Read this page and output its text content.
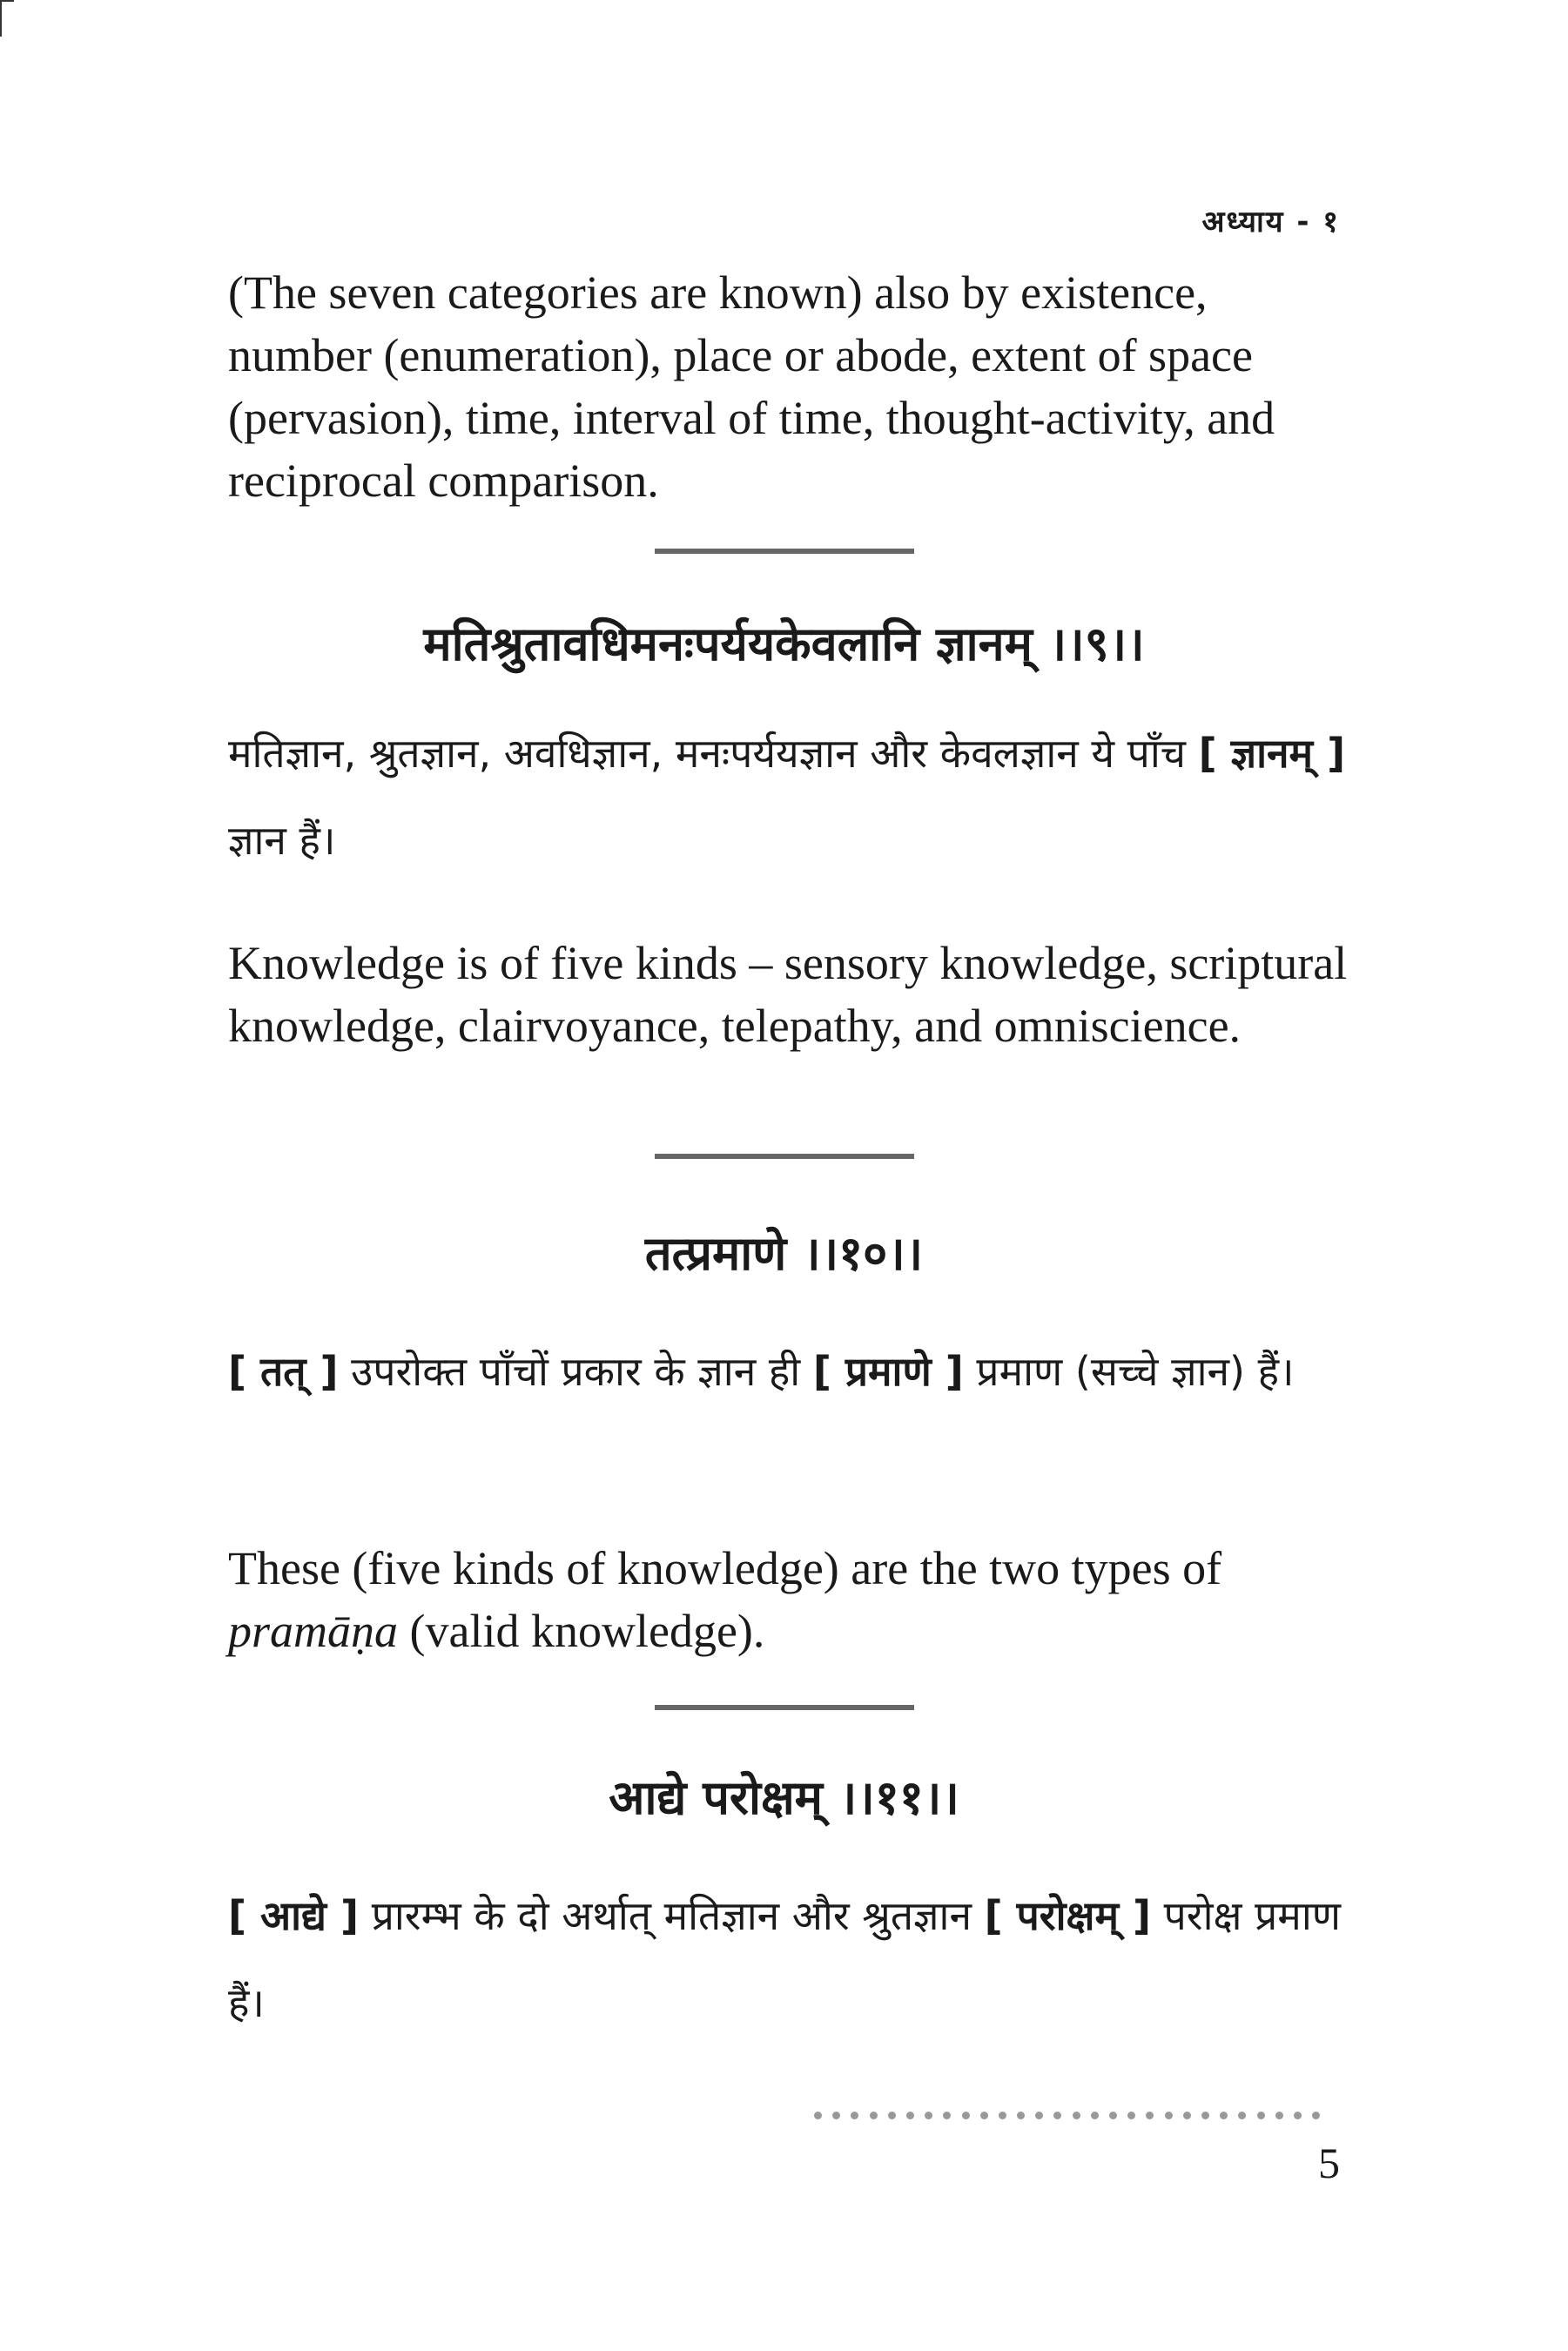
अध्याय - १

(The seven categories are known) also by existence, number (enumeration), place or abode, extent of space (pervasion), time, interval of time, thought-activity, and reciprocal comparison.

मतिश्रुतावधिमनःपर्ययकेवलानि ज्ञानम् ।।९।।

मतिज्ञान, श्रुतज्ञान, अवधिज्ञान, मनःपर्ययज्ञान और केवलज्ञान ये पाँच [ ज्ञानम् ] ज्ञान हैं।

Knowledge is of five kinds – sensory knowledge, scriptural knowledge, clairvoyance, telepathy, and omniscience.

तत्प्रमाणे ।।१०।।

[ तत् ] उपरोक्त पाँचों प्रकार के ज्ञान ही [ प्रमाणे ] प्रमाण (सच्चे ज्ञान) हैं।

These (five kinds of knowledge) are the two types of pramāṇa (valid knowledge).

आद्ये परोक्षम् ।।११।।

[ आद्ये ] प्रारम्भ के दो अर्थात् मतिज्ञान और श्रुतज्ञान [ परोक्षम् ] परोक्ष प्रमाण हैं।

5
